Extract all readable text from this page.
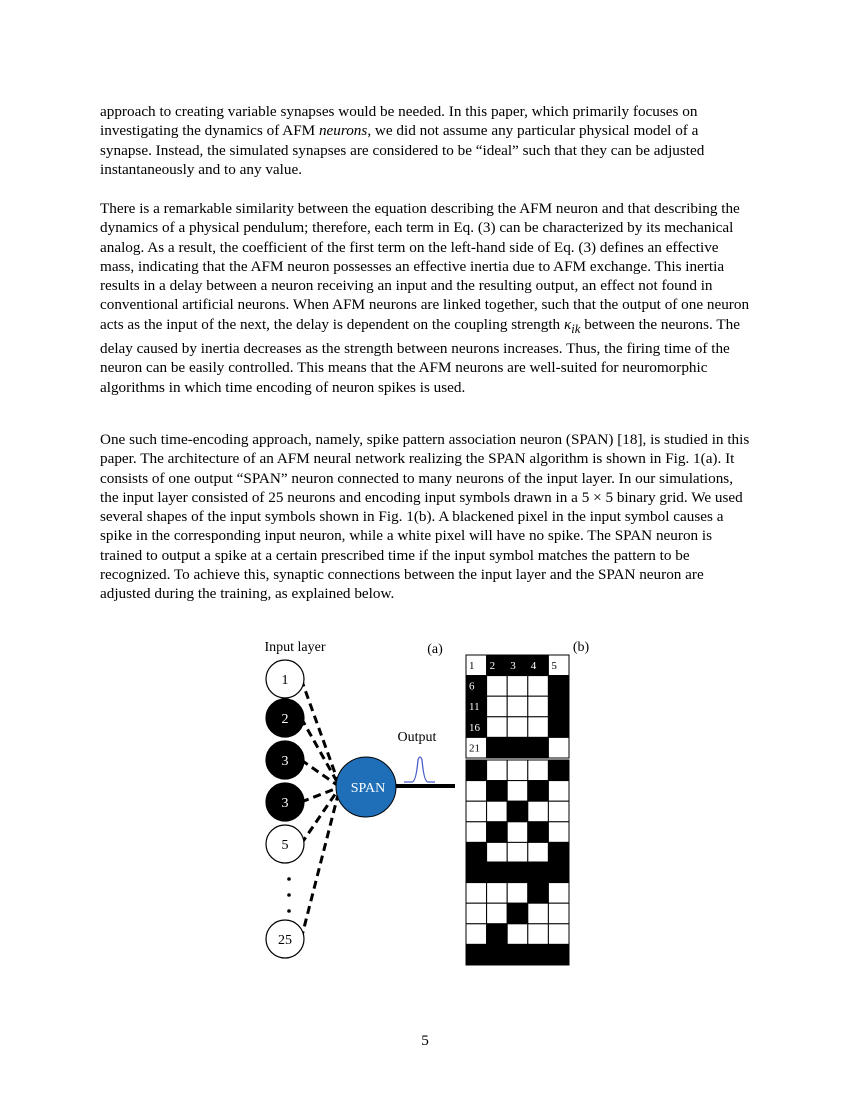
approach to creating variable synapses would be needed. In this paper, which primarily focuses on investigating the dynamics of AFM neurons, we did not assume any particular physical model of a synapse. Instead, the simulated synapses are considered to be “ideal” such that they can be adjusted instantaneously and to any value.

There is a remarkable similarity between the equation describing the AFM neuron and that describing the dynamics of a physical pendulum; therefore, each term in Eq. (3) can be characterized by its mechanical analog. As a result, the coefficient of the first term on the left-hand side of Eq. (3) defines an effective mass, indicating that the AFM neuron possesses an effective inertia due to AFM exchange. This inertia results in a delay between a neuron receiving an input and the resulting output, an effect not found in conventional artificial neurons. When AFM neurons are linked together, such that the output of one neuron acts as the input of the next, the delay is dependent on the coupling strength $\kappa_{ik}$ between the neurons. The delay caused by inertia decreases as the strength between neurons increases. Thus, the firing time of the neuron can be easily controlled. This means that the AFM neurons are well-suited for neuromorphic algorithms in which time encoding of neuron spikes is used.

One such time-encoding approach, namely, spike pattern association neuron (SPAN) [18], is studied in this paper. The architecture of an AFM neural network realizing the SPAN algorithm is shown in Fig. 1(a). It consists of one output “SPAN” neuron connected to many neurons of the input layer. In our simulations, the input layer consisted of 25 neurons and encoding input symbols drawn in a 5 × 5 binary grid. We used several shapes of the input symbols shown in Fig. 1(b). A blackened pixel in the input symbol causes a spike in the corresponding input neuron, while a white pixel will have no spike. The SPAN neuron is trained to output a spike at a certain prescribed time if the input symbol matches the pattern to be recognized. To achieve this, synaptic connections between the input layer and the SPAN neuron are adjusted during the training, as explained below.

1
2
3
3
5
25
1 2 3 4 5
6
11
16
21
Input layer	(a)	(b)
Output
SPAN
5
